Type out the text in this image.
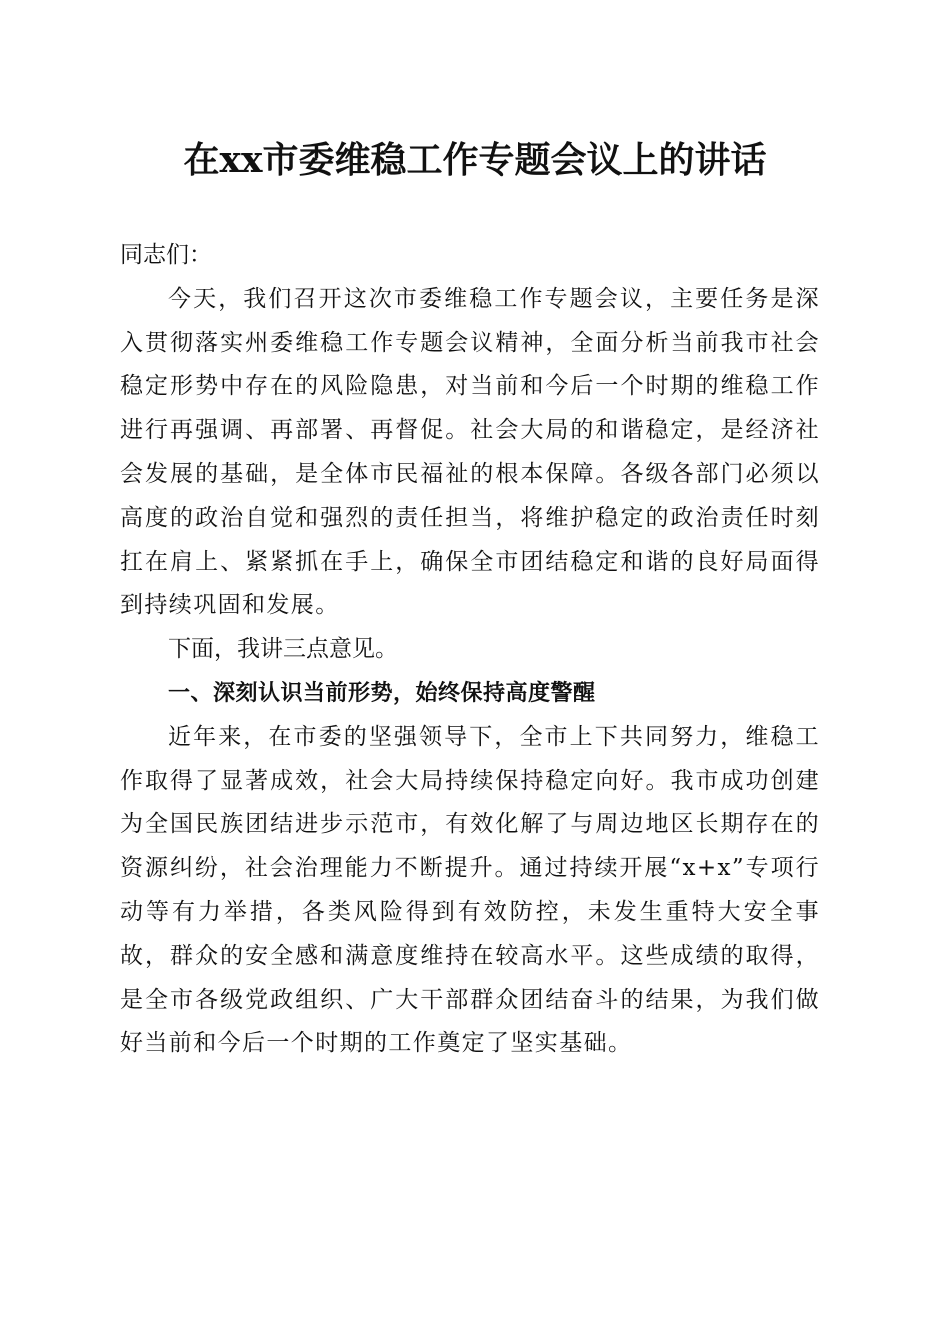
在xx市委维稳工作专题会议上的讲话

同志们：

今天，我们召开这次市委维稳工作专题会议，主要任务是深入贯彻落实州委维稳工作专题会议精神，全面分析当前我市社会稳定形势中存在的风险隐患，对当前和今后一个时期的维稳工作进行再强调、再部署、再督促。社会大局的和谐稳定，是经济社会发展的基础，是全体市民福祉的根本保障。各级各部门必须以高度的政治自觉和强烈的责任担当，将维护稳定的政治责任时刻扛在肩上、紧紧抓在手上，确保全市团结稳定和谐的良好局面得到持续巩固和发展。

下面，我讲三点意见。

一、深刻认识当前形势，始终保持高度警醒

近年来，在市委的坚强领导下，全市上下共同努力，维稳工作取得了显著成效，社会大局持续保持稳定向好。我市成功创建为全国民族团结进步示范市，有效化解了与周边地区长期存在的资源纠纷，社会治理能力不断提升。通过持续开展“x+x”专项行动等有力举措，各类风险得到有效防控，未发生重特大安全事故，群众的安全感和满意度维持在较高水平。这些成绩的取得，是全市各级党政组织、广大干部群众团结奋斗的结果，为我们做好当前和今后一个时期的工作奠定了坚实基础。
